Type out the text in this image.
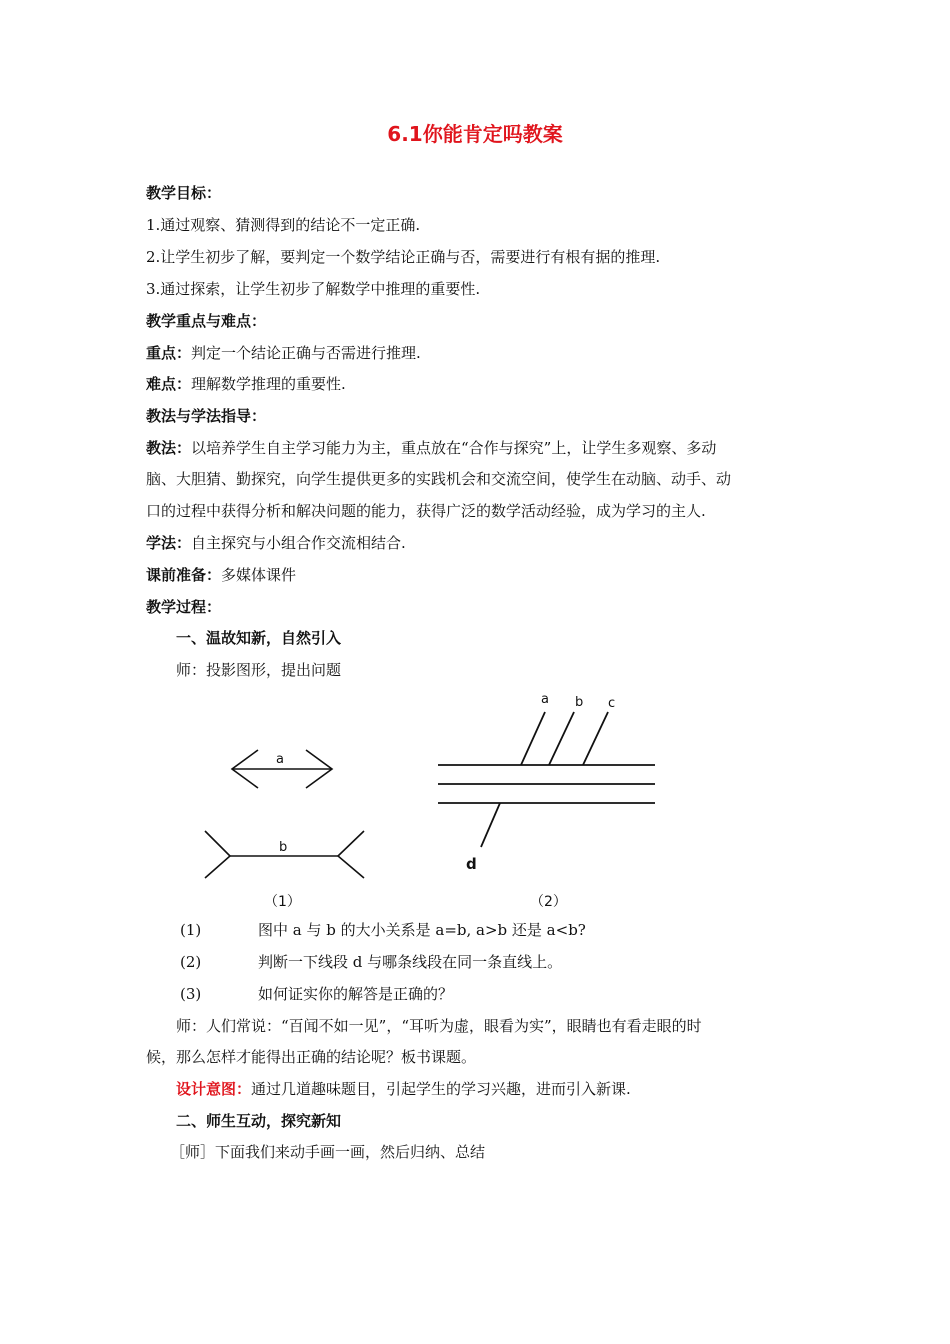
6.1你能肯定吗教案
教学目标：
1.通过观察、猜测得到的结论不一定正确.
2.让学生初步了解，要判定一个数学结论正确与否，需要进行有根有据的推理.
3.通过探索，让学生初步了解数学中推理的重要性.
教学重点与难点：
重点：判定一个结论正确与否需进行推理.
难点：理解数学推理的重要性.
教法与学法指导：
教法：以培养学生自主学习能力为主，重点放在“合作与探究”上，让学生多观察、多动
脑、大胆猜、勤探究，向学生提供更多的实践机会和交流空间，使学生在动脑、动手、动
口的过程中获得分析和解决问题的能力，获得广泛的数学活动经验，成为学习的主人.
学法：自主探究与小组合作交流相结合.
课前准备：多媒体课件
教学过程：
一、温故知新，自然引入
师：投影图形，提出问题
a
b
a b c
d
（1）	（2）
(1)	图中 a 与 b 的大小关系是 a=b, a>b 还是 a<b?
(2)	判断一下线段 d 与哪条线段在同一条直线上。
(3)	如何证实你的解答是正确的？
师：人们常说：“百闻不如一见”，“耳听为虚，眼看为实”，眼睛也有看走眼的时
候，那么怎样才能得出正确的结论呢？板书课题。
设计意图：通过几道趣味题目，引起学生的学习兴趣，进而引入新课.
二、师生互动，探究新知
［师］下面我们来动手画一画，然后归纳、总结
